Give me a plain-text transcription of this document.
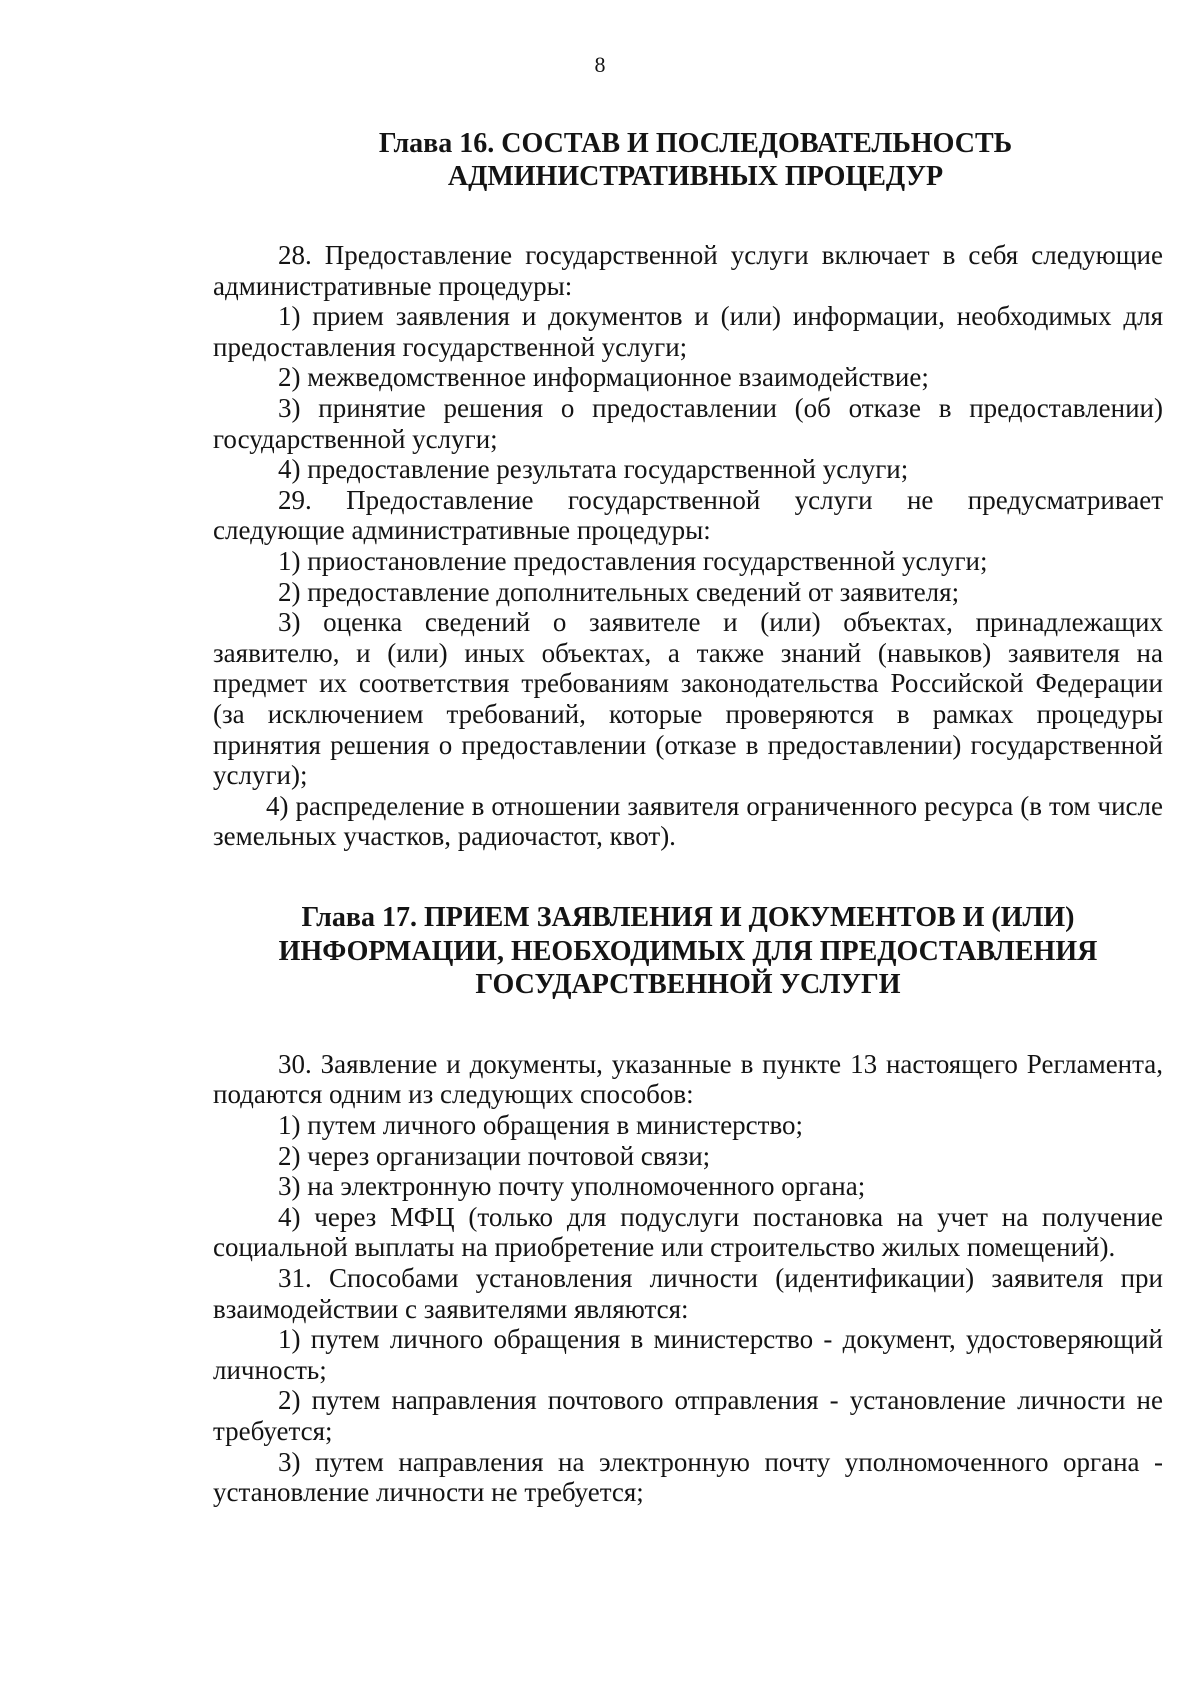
8
Глава 16. СОСТАВ И ПОСЛЕДОВАТЕЛЬНОСТЬ
АДМИНИСТРАТИВНЫХ ПРОЦЕДУР

28. Предоставление государственной услуги включает в себя следующие административные процедуры:

1) прием заявления и документов и (или) информации, необходимых для предоставления государственной услуги;

2) межведомственное информационное взаимодействие;

3) принятие решения о предоставлении (об отказе в предоставлении) государственной услуги;

4) предоставление результата государственной услуги;

29. Предоставление государственной услуги не предусматривает следующие административные процедуры:

1) приостановление предоставления государственной услуги;

2) предоставление дополнительных сведений от заявителя;

3) оценка сведений о заявителе и (или) объектах, принадлежащих заявителю, и (или) иных объектах, а также знаний (навыков) заявителя на предмет их соответствия требованиям законодательства Российской Федерации (за исключением требований, которые проверяются в рамках процедуры принятия решения о предоставлении (отказе в предоставлении) государственной услуги);

4) распределение в отношении заявителя ограниченного ресурса (в том числе земельных участков, радиочастот, квот).

Глава 17. ПРИЕМ ЗАЯВЛЕНИЯ И ДОКУМЕНТОВ И (ИЛИ)
ИНФОРМАЦИИ, НЕОБХОДИМЫХ ДЛЯ ПРЕДОСТАВЛЕНИЯ
ГОСУДАРСТВЕННОЙ УСЛУГИ

30. Заявление и документы, указанные в пункте 13 настоящего Регламента, подаются одним из следующих способов:

1) путем личного обращения в министерство;

2) через организации почтовой связи;

3) на электронную почту уполномоченного органа;

4) через МФЦ (только для подуслуги постановка на учет на получение социальной выплаты на приобретение или строительство жилых помещений).

31. Способами установления личности (идентификации) заявителя при взаимодействии с заявителями являются:

1) путем личного обращения в министерство - документ, удостоверяющий личность;

2) путем направления почтового отправления - установление личности не требуется;

3) путем направления на электронную почту уполномоченного органа - установление личности не требуется;
